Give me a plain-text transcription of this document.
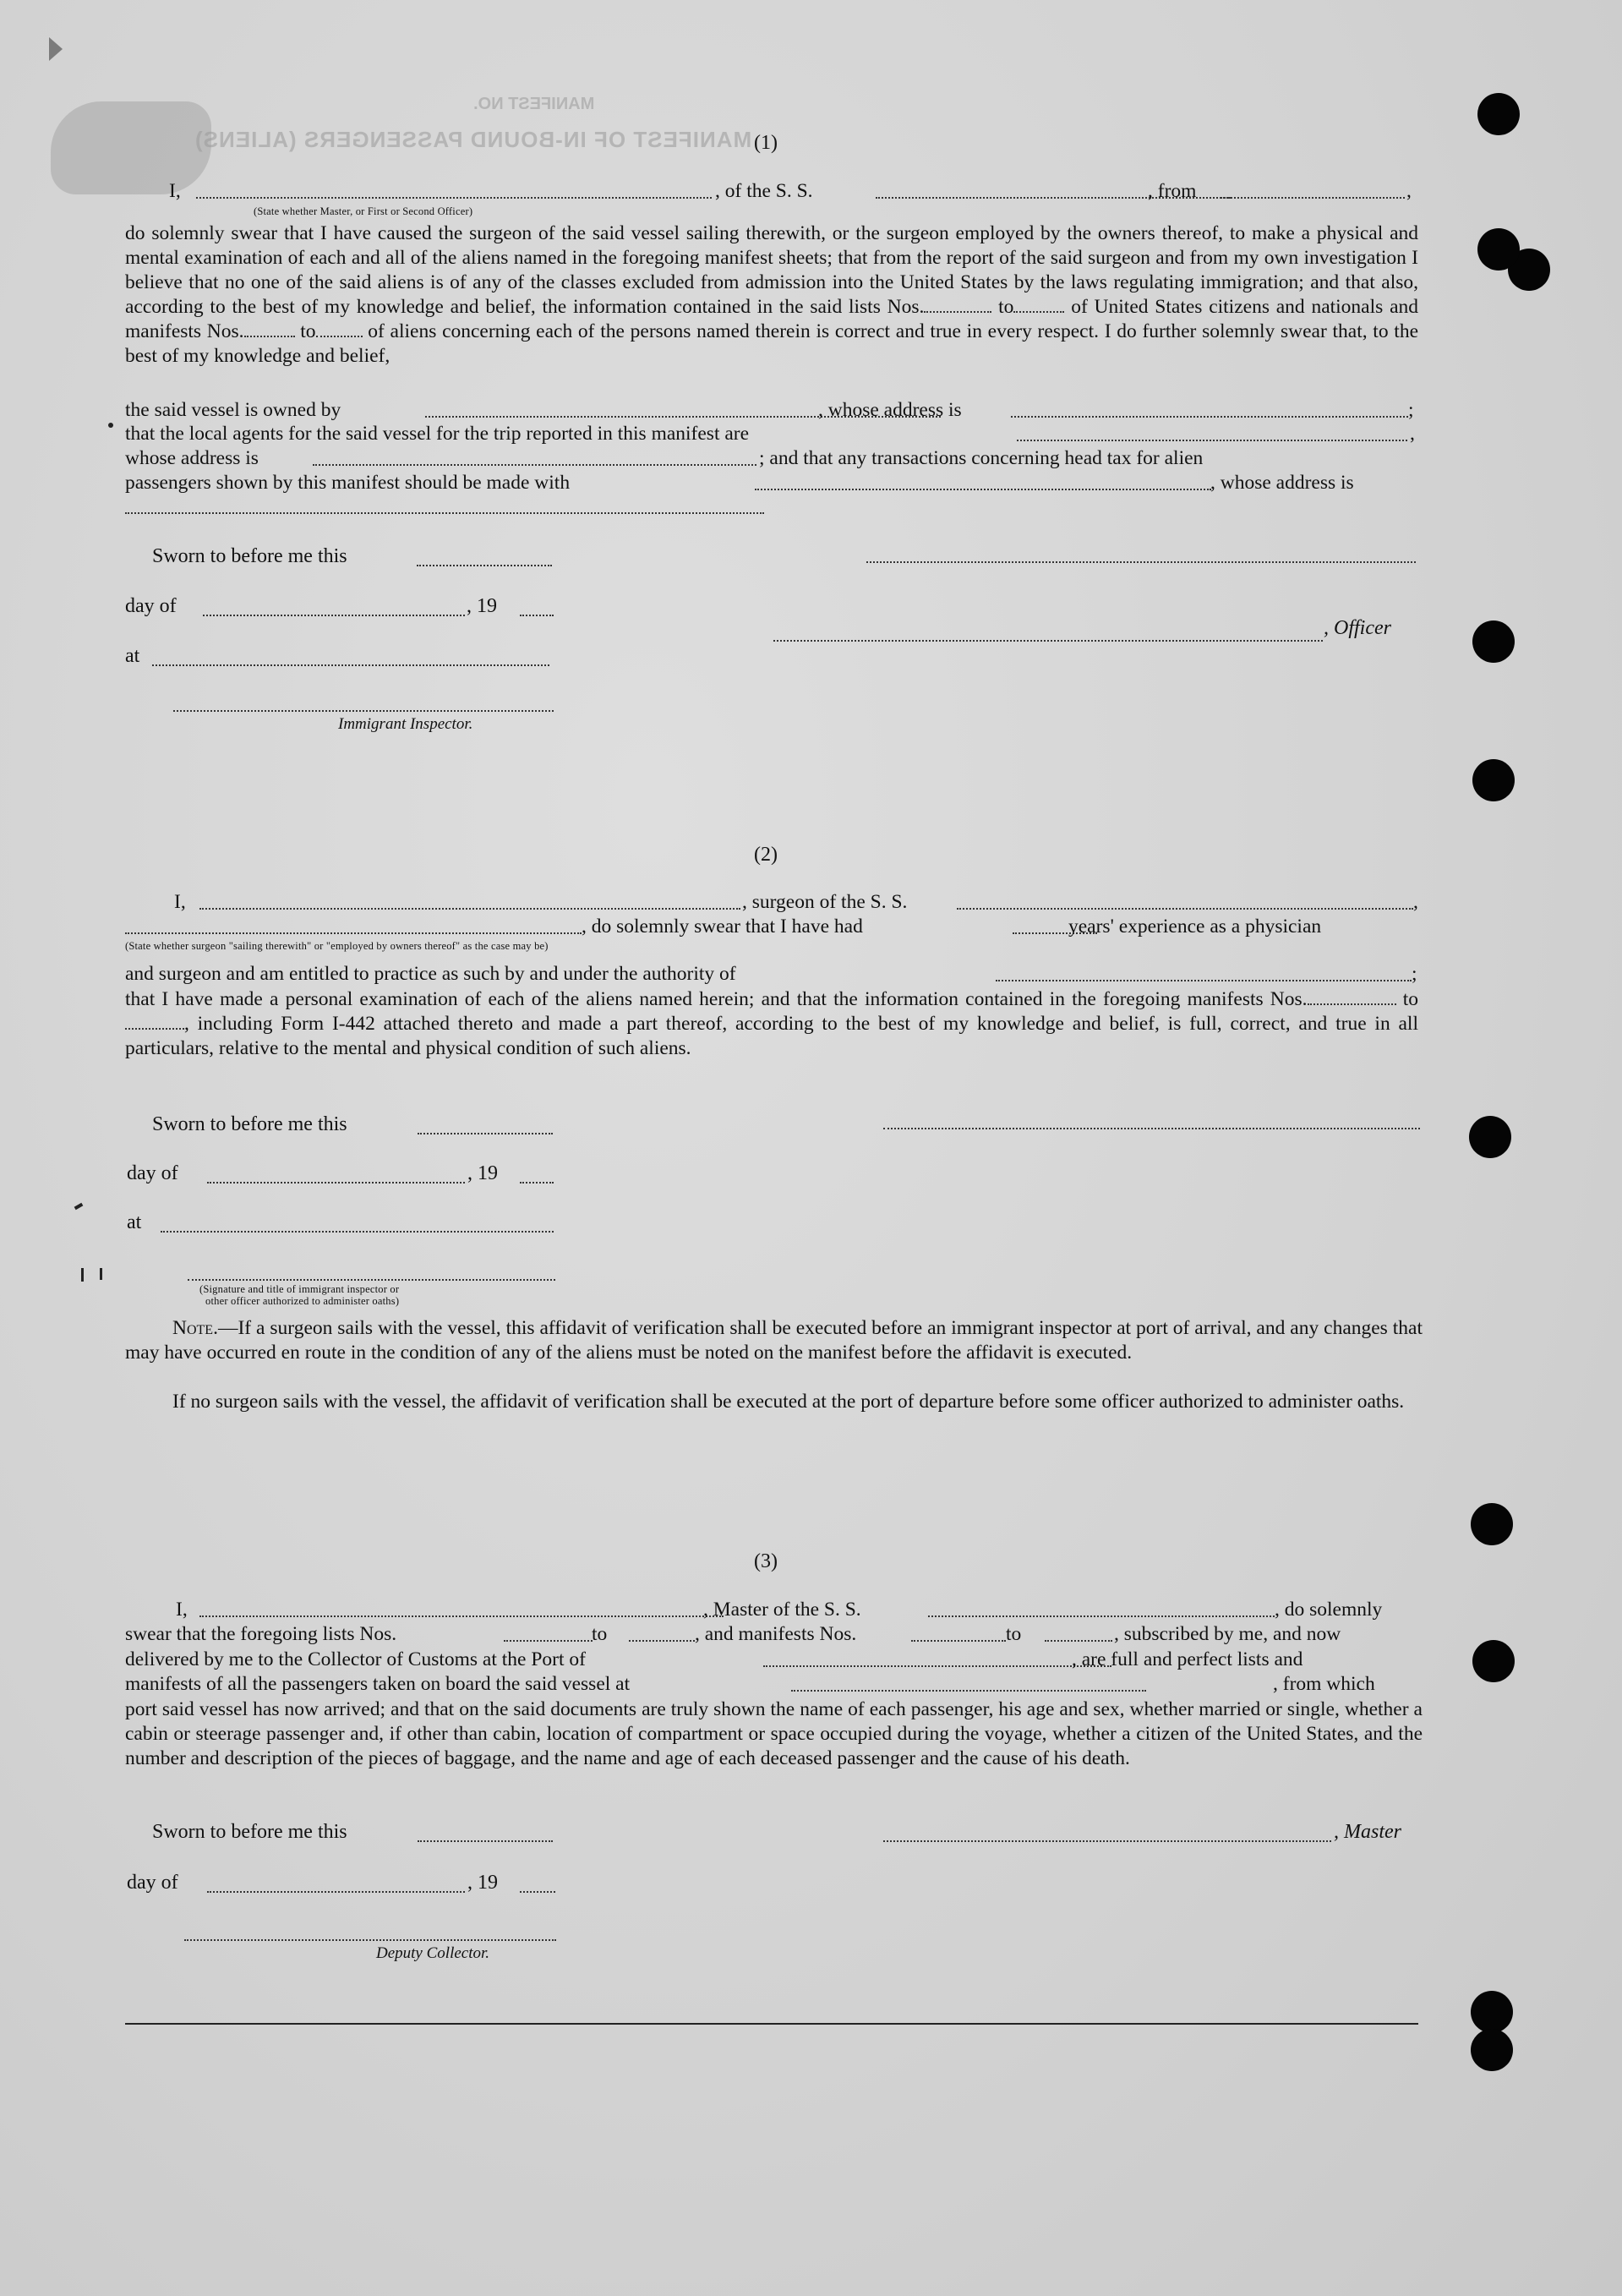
MANIFEST NO.
MANIFEST OF IN-BOUND PASSENGERS (ALIENS) (1)
I,	, of the S. S.	, from	,
(State whether Master, or First or Second Officer)
do solemnly swear that I have caused the surgeon of the said vessel sailing therewith, or the surgeon employed by the owners thereof, to make a physical and mental examination of each and all of the aliens named in the foregoing manifest sheets; that from the report of the said surgeon and from my own investigation I believe that no one of the said aliens is of any of the classes excluded from admission into the United States by the laws regulating immigration; and that also, according to the best of my knowledge and belief, the information contained in the said lists Nos.	to	of United States citizens and nationals and manifests Nos.	to	of aliens concerning each of the persons named therein is correct and true in every respect. I do further solemnly swear that, to the best of my knowledge and belief,
the said vessel is owned by	, whose address is	;
that the local agents for the said vessel for the trip reported in this manifest are	,
whose address is	; and that any transactions concerning head tax for alien
passengers shown by this manifest should be made with	, whose address is
Sworn to before me this
day of	, 19
, Officer
at
Immigrant Inspector.
(2)
I,	, surgeon of the S. S.	,
, do solemnly swear that I have had	years' experience as a physician
(State whether surgeon "sailing therewith" or "employed by owners thereof" as the case may be)
and surgeon and am entitled to practice as such by and under the authority of	;
that I have made a personal examination of each of the aliens named herein; and that the information contained in the foregoing manifests Nos.	to, including Form I-442 attached thereto and made a part thereof, according to the best of my knowledge and belief, is full, correct, and true in all particulars, relative to the mental and physical condition of such aliens.
Sworn to before me this
day of	, 19
at
(Signature and title of immigrant inspector or
other officer authorized to administer oaths)
Note.—If a surgeon sails with the vessel, this affidavit of verification shall be executed before an immigrant inspector at port of arrival, and any changes that may have occurred en route in the condition of any of the aliens must be noted on the manifest before the affidavit is executed.
If no surgeon sails with the vessel, the affidavit of verification shall be executed at the port of departure before some officer authorized to administer oaths.
(3)
I,	, Master of the S. S.	, do solemnly
swear that the foregoing lists Nos.	to	, and manifests Nos.	to	, subscribed by me, and now
delivered by me to the Collector of Customs at the Port of	, are full and perfect lists and
manifests of all the passengers taken on board the said vessel at	, from which
port said vessel has now arrived; and that on the said documents are truly shown the name of each passenger, his age and sex, whether married or single, whether a cabin or steerage passenger and, if other than cabin, location of compartment or space occupied during the voyage, whether a citizen of the United States, and the number and description of the pieces of baggage, and the name and age of each deceased passenger and the cause of his death.
Sworn to before me this	, Master
day of	, 19
Deputy Collector.
